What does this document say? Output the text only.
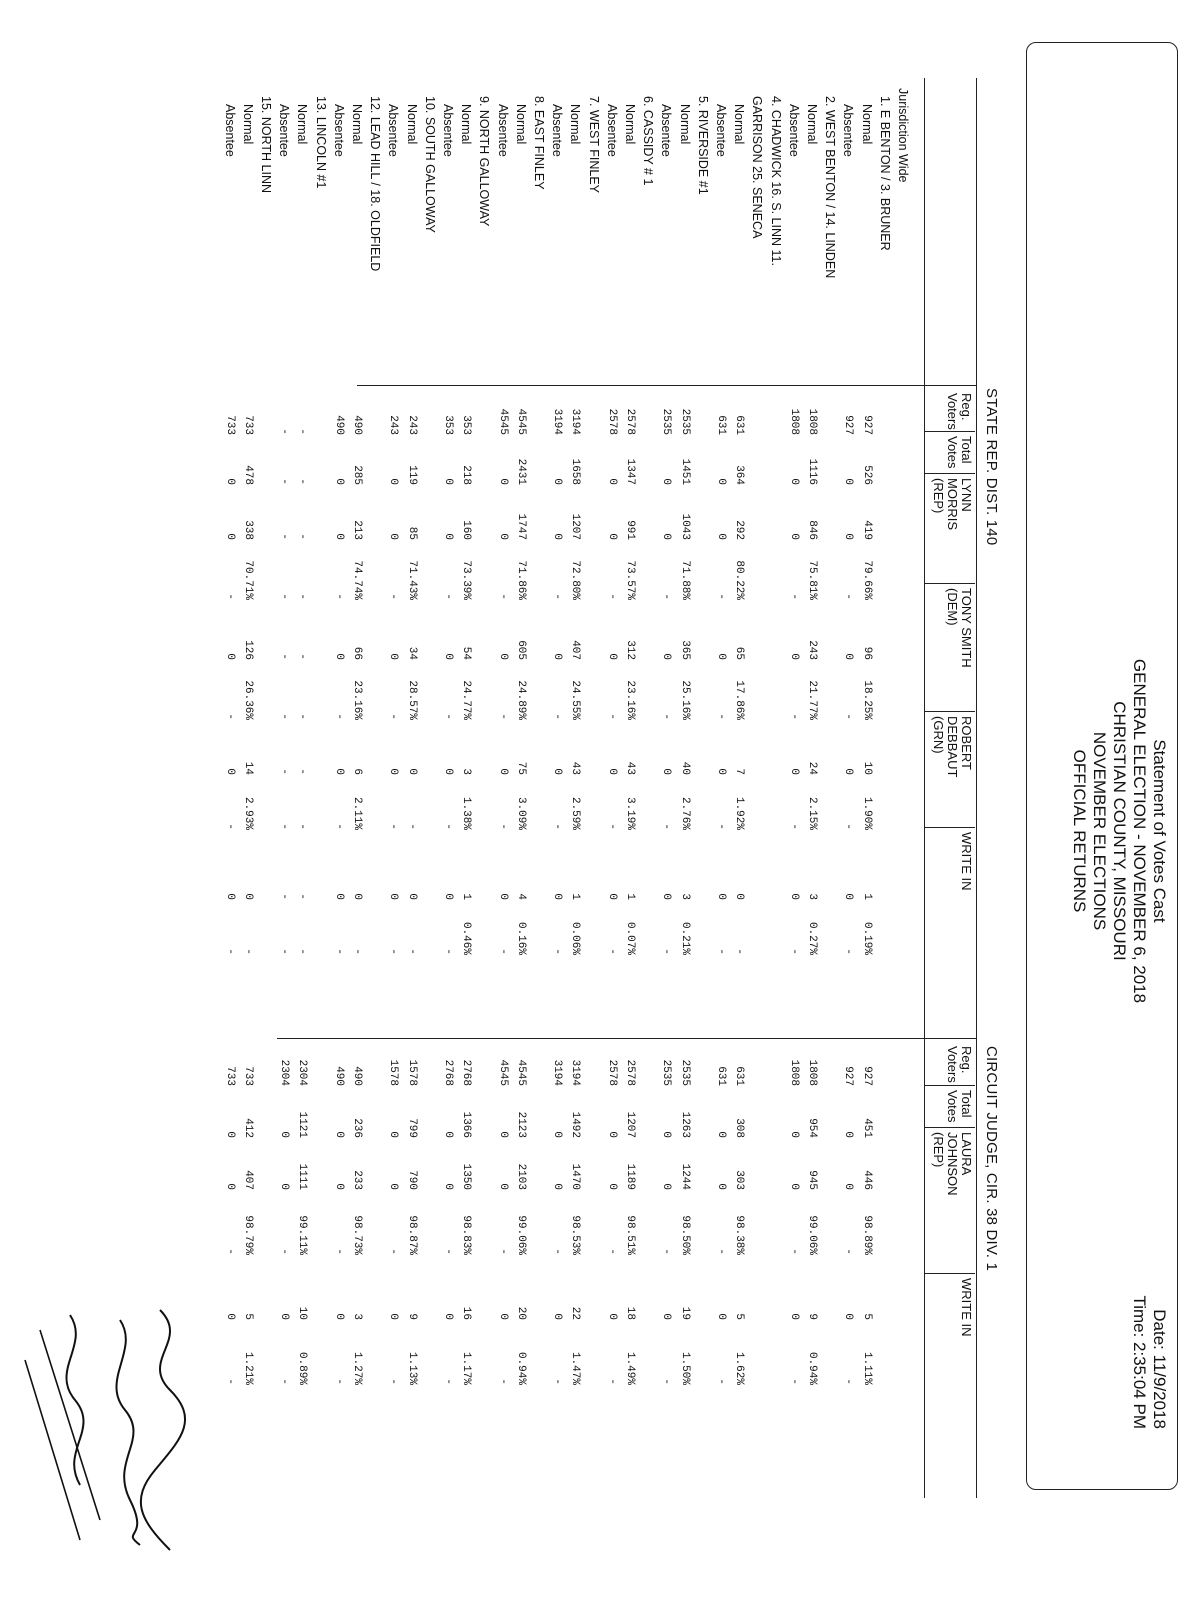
Statement of Votes Cast
GENERAL ELECTION - NOVEMBER 6, 2018
CHRISTIAN COUNTY, MISSOURI
NOVEMBER ELECTIONS
OFFICIAL RETURNS
Date: 11/9/2018
Time: 2:35:04 PM
STATE REP. DIST. 140
CIRCUIT JUDGE, CIR. 38 DIV. 1
Reg.
Voters
Total
Votes
LYNN
MORRIS
(REP)
TONY SMITH
(DEM)
ROBERT
DEBBAUT
(GRN)
WRITE IN
Reg.
Voters
Total
Votes
LAURA
JOHNSON
(REP)
WRITE IN
Jurisdiction Wide
1. E BENTON / 3. BRUNER
Normal
927
526
419
79.66%
96
18.25%
10
1.90%
1
0.19%
927
451
446
98.89%
5
1.11%
Absentee
927
0
0
-
0
-
0
-
0
-
927
0
0
-
0
-
2. WEST BENTON / 14. LINDEN
Normal
1808
1116
846
75.81%
243
21.77%
24
2.15%
3
0.27%
1808
954
945
99.06%
9
0.94%
Absentee
1808
0
0
-
0
-
0
-
0
-
1808
0
0
-
0
-
4. CHADWICK 16. S. LINN 11.
GARRISON 25. SENECA
Normal
631
364
292
80.22%
65
17.86%
7
1.92%
0
-
631
308
303
98.38%
5
1.62%
Absentee
631
0
0
-
0
-
0
-
0
-
631
0
0
-
0
-
5. RIVERSIDE #1
Normal
2535
1451
1043
71.88%
365
25.16%
40
2.76%
3
0.21%
2535
1263
1244
98.50%
19
1.50%
Absentee
2535
0
0
-
0
-
0
-
0
-
2535
0
0
-
0
-
6. CASSIDY # 1
Normal
2578
1347
991
73.57%
312
23.16%
43
3.19%
1
0.07%
2578
1207
1189
98.51%
18
1.49%
Absentee
2578
0
0
-
0
-
0
-
0
-
2578
0
0
-
0
-
7. WEST FINLEY
Normal
3194
1658
1207
72.80%
407
24.55%
43
2.59%
1
0.06%
3194
1492
1470
98.53%
22
1.47%
Absentee
3194
0
0
-
0
-
0
-
0
-
3194
0
0
-
0
-
8. EAST FINLEY
Normal
4545
2431
1747
71.86%
605
24.89%
75
3.09%
4
0.16%
4545
2123
2103
99.06%
20
0.94%
Absentee
4545
0
0
-
0
-
0
-
0
-
4545
0
0
-
0
-
9. NORTH GALLOWAY
Normal
353
218
160
73.39%
54
24.77%
3
1.38%
1
0.46%
2768
1366
1350
98.83%
16
1.17%
Absentee
353
0
0
-
0
-
0
-
0
-
2768
0
0
-
0
-
10. SOUTH GALLOWAY
Normal
243
119
85
71.43%
34
28.57%
0
-
0
-
1578
799
790
98.87%
9
1.13%
Absentee
243
0
0
-
0
-
0
-
0
-
1578
0
0
-
0
-
12. LEAD HILL / 18. OLDFIELD
Normal
490
285
213
74.74%
66
23.16%
6
2.11%
0
-
490
236
233
98.73%
3
1.27%
Absentee
490
0
0
-
0
-
0
-
0
-
490
0
0
-
0
-
13. LINCOLN #1
Normal
-
-
-
-
-
-
-
-
-
-
2304
1121
1111
99.11%
10
0.89%
Absentee
-
-
-
-
-
-
-
-
-
-
2304
0
0
-
0
-
15. NORTH LINN
Normal
733
478
338
70.71%
126
26.36%
14
2.93%
0
-
733
412
407
98.79%
5
1.21%
Absentee
733
0
0
-
0
-
0
-
0
-
733
0
0
-
0
-
